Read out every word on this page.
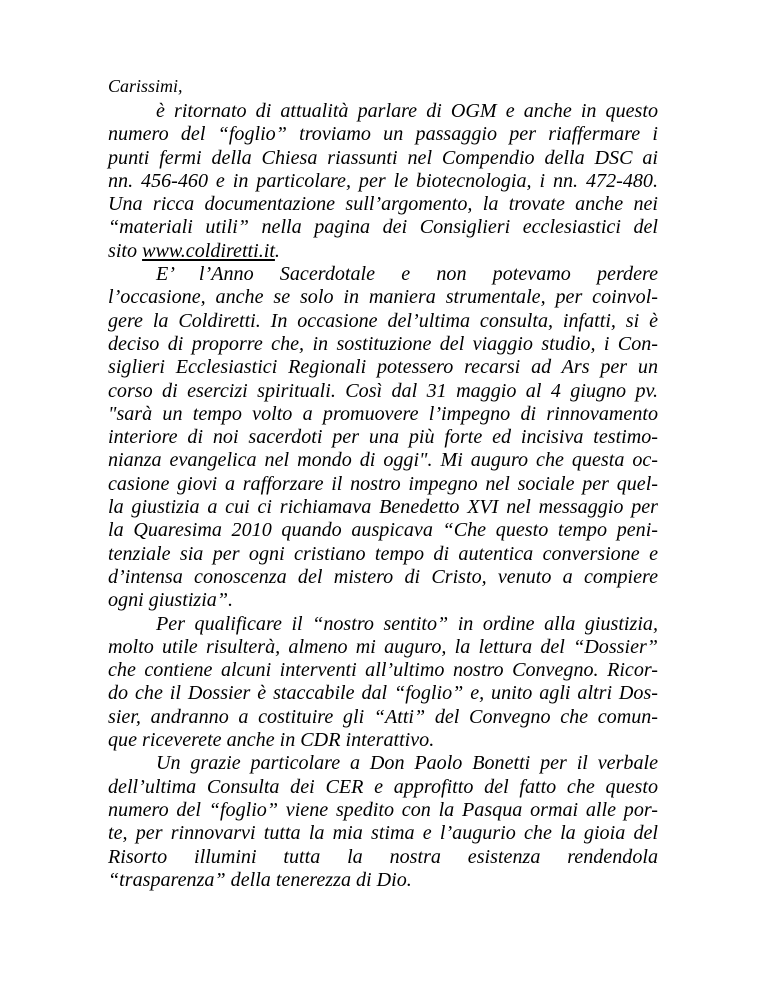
Carissimi,
è ritornato di attualità parlare di OGM e anche in questo
numero del “foglio” troviamo un passaggio per riaffermare i
punti fermi della Chiesa riassunti nel Compendio della DSC ai
nn. 456-460 e in particolare, per le biotecnologia, i nn. 472-480.
Una ricca documentazione sull’argomento, la trovate anche nei
“materiali utili” nella pagina dei Consiglieri ecclesiastici del
sito www.coldiretti.it.
E’ l’Anno Sacerdotale e non potevamo perdere
l’occasione, anche se solo in maniera strumentale, per coinvol-
gere la Coldiretti. In occasione del’ultima consulta, infatti, si è
deciso di proporre che, in sostituzione del viaggio studio, i Con-
siglieri Ecclesiastici Regionali potessero recarsi ad Ars per un
corso di esercizi spirituali. Così dal 31 maggio al 4 giugno pv.
"sarà un tempo volto a promuovere l’impegno di rinnovamento
interiore di noi sacerdoti per una più forte ed incisiva testimo-
nianza evangelica nel mondo di oggi". Mi auguro che questa oc-
casione giovi a rafforzare il nostro impegno nel sociale per quel-
la giustizia a cui ci richiamava Benedetto XVI nel messaggio per
la Quaresima 2010 quando auspicava “Che questo tempo peni-
tenziale sia per ogni cristiano tempo di autentica conversione e
d’intensa conoscenza del mistero di Cristo, venuto a compiere
ogni giustizia”.
Per qualificare il “nostro sentito” in ordine alla giustizia,
molto utile risulterà, almeno mi auguro, la lettura del “Dossier”
che contiene alcuni interventi all’ultimo nostro Convegno. Ricor-
do che il Dossier è staccabile dal “foglio” e, unito agli altri Dos-
sier, andranno a costituire gli “Atti” del Convegno che comun-
que riceverete anche in CDR interattivo.
Un grazie particolare a Don Paolo Bonetti per il verbale
dell’ultima Consulta dei CER e approfitto del fatto che questo
numero del “foglio” viene spedito con la Pasqua ormai alle por-
te, per rinnovarvi tutta la mia stima e l’augurio che la gioia del
Risorto illumini tutta la nostra esistenza rendendola
“trasparenza” della tenerezza di Dio.
